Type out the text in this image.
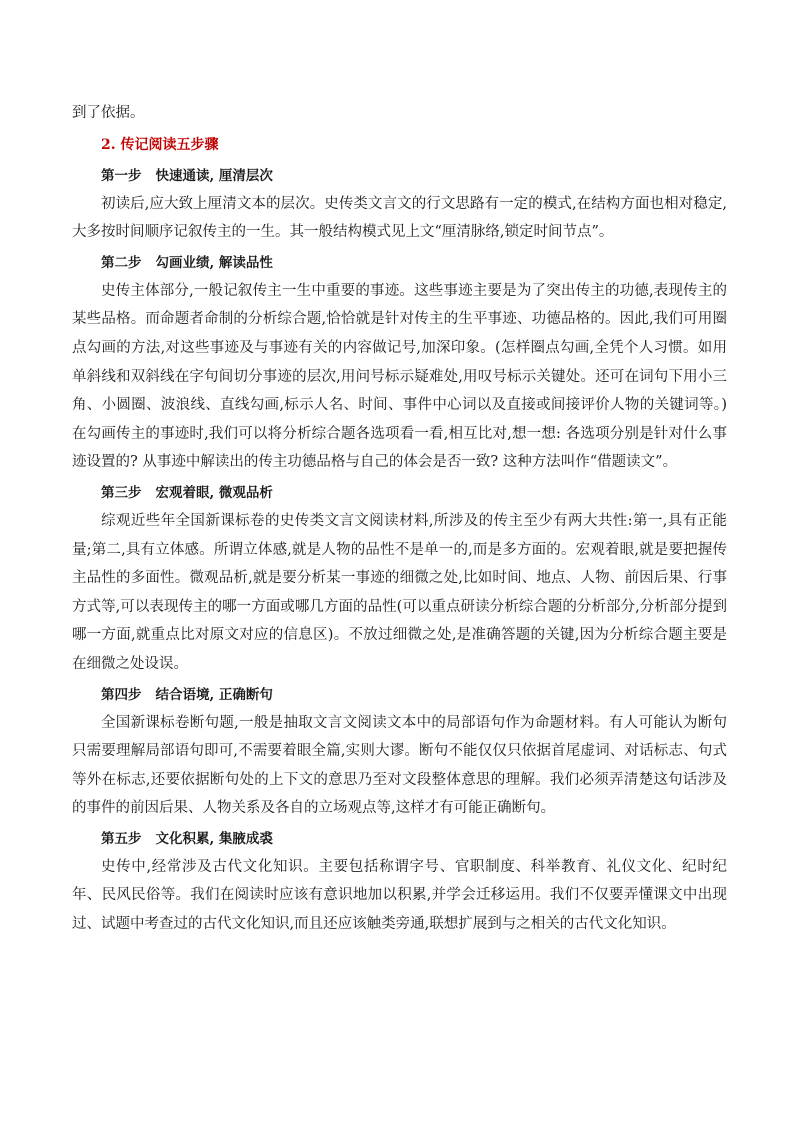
到了依据。

2. 传记阅读五步骤
第一步 快速通读, 厘清层次

初读后,应大致上厘清文本的层次。史传类文言文的行文思路有一定的模式,在结构方面也相对稳定,大多按时间顺序记叙传主的一生。其一般结构模式见上文“厘清脉络,锁定时间节点”。

第二步 勾画业绩, 解读品性

史传主体部分,一般记叙传主一生中重要的事迹。这些事迹主要是为了突出传主的功德,表现传主的某些品格。而命题者命制的分析综合题,恰恰就是针对传主的生平事迹、功德品格的。因此,我们可用圈点勾画的方法,对这些事迹及与事迹有关的内容做记号,加深印象。(怎样圈点勾画,全凭个人习惯。如用单斜线和双斜线在字句间切分事迹的层次,用问号标示疑难处,用叹号标示关键处。还可在词句下用小三角、小圆圈、波浪线、直线勾画,标示人名、时间、事件中心词以及直接或间接评价人物的关键词等。)在勾画传主的事迹时,我们可以将分析综合题各选项看一看,相互比对,想一想: 各选项分别是针对什么事迹设置的? 从事迹中解读出的传主功德品格与自己的体会是否一致? 这种方法叫作“借题读文”。

第三步 宏观着眼, 微观品析

综观近些年全国新课标卷的史传类文言文阅读材料,所涉及的传主至少有两大共性:第一,具有正能量;第二,具有立体感。所谓立体感,就是人物的品性不是单一的,而是多方面的。宏观着眼,就是要把握传主品性的多面性。微观品析,就是要分析某一事迹的细微之处,比如时间、地点、人物、前因后果、行事方式等,可以表现传主的哪一方面或哪几方面的品性(可以重点研读分析综合题的分析部分,分析部分提到哪一方面,就重点比对原文对应的信息区)。不放过细微之处,是准确答题的关键,因为分析综合题主要是在细微之处设误。

第四步 结合语境, 正确断句

全国新课标卷断句题,一般是抽取文言文阅读文本中的局部语句作为命题材料。有人可能认为断句只需要理解局部语句即可,不需要着眼全篇,实则大谬。断句不能仅仅只依据首尾虚词、对话标志、句式等外在标志,还要依据断句处的上下文的意思乃至对文段整体意思的理解。我们必须弄清楚这句话涉及的事件的前因后果、人物关系及各自的立场观点等,这样才有可能正确断句。

第五步 文化积累, 集腋成裘

史传中,经常涉及古代文化知识。主要包括称谓字号、官职制度、科举教育、礼仪文化、纪时纪年、民风民俗等。我们在阅读时应该有意识地加以积累,并学会迁移运用。我们不仅要弄懂课文中出现过、试题中考查过的古代文化知识,而且还应该触类旁通,联想扩展到与之相关的古代文化知识。
